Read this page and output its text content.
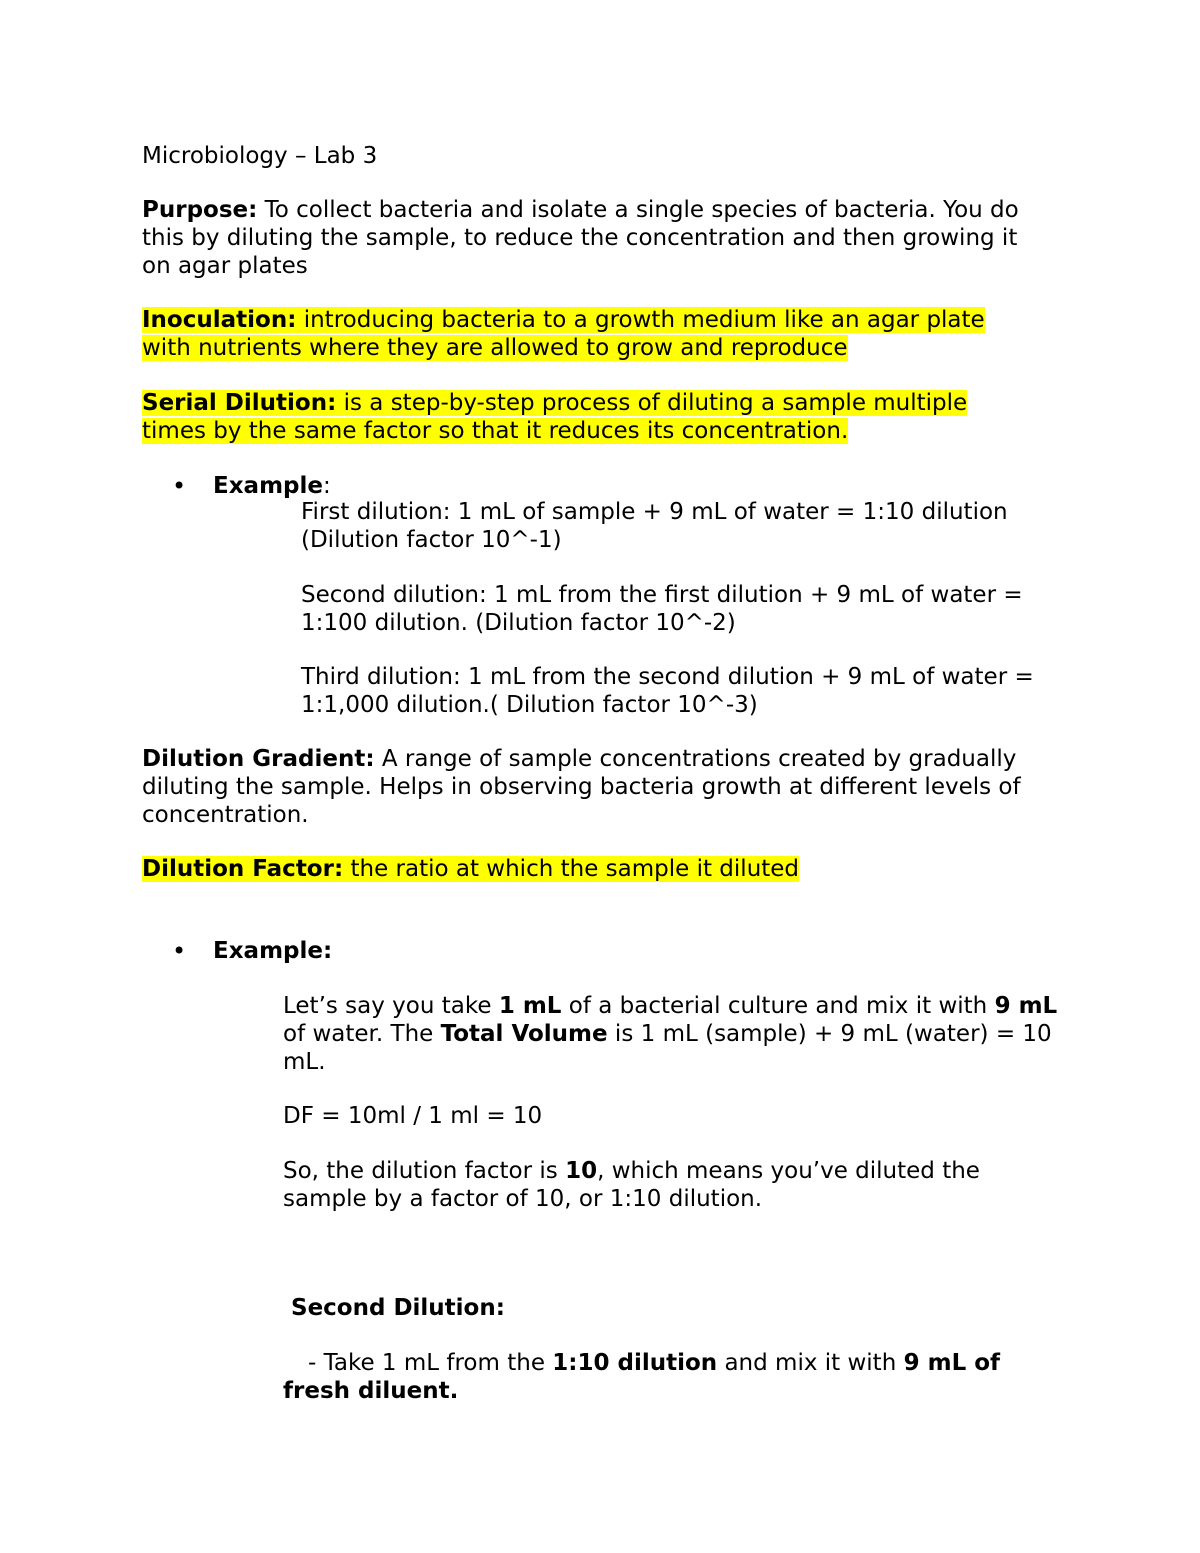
Microbiology – Lab 3

Purpose: To collect bacteria and isolate a single species of bacteria. You do this by diluting the sample, to reduce the concentration and then growing it on agar plates

Inoculation: introducing bacteria to a growth medium like an agar plate
with nutrients where they are allowed to grow and reproduce

Serial Dilution: is a step-by-step process of diluting a sample multiple
times by the same factor so that it reduces its concentration.

• Example:

First dilution: 1 mL of sample + 9 mL of water = 1:10 dilution (Dilution factor 10^-1)

Second dilution: 1 mL from the first dilution + 9 mL of water = 1:100 dilution. (Dilution factor 10^-2)

Third dilution: 1 mL from the second dilution + 9 mL of water = 1:1,000 dilution.( Dilution factor 10^-3)

Dilution Gradient: A range of sample concentrations created by gradually diluting the sample. Helps in observing bacteria growth at different levels of concentration.

Dilution Factor: the ratio at which the sample it diluted

• Example:

Let’s say you take 1 mL of a bacterial culture and mix it with 9 mL of water. The Total Volume is 1 mL (sample) + 9 mL (water) = 10 mL.

DF = 10ml / 1 ml = 10

So, the dilution factor is 10, which means you’ve diluted the sample by a factor of 10, or 1:10 dilution.

Second Dilution:

- Take 1 mL from the 1:10 dilution and mix it with 9 mL of fresh diluent.
